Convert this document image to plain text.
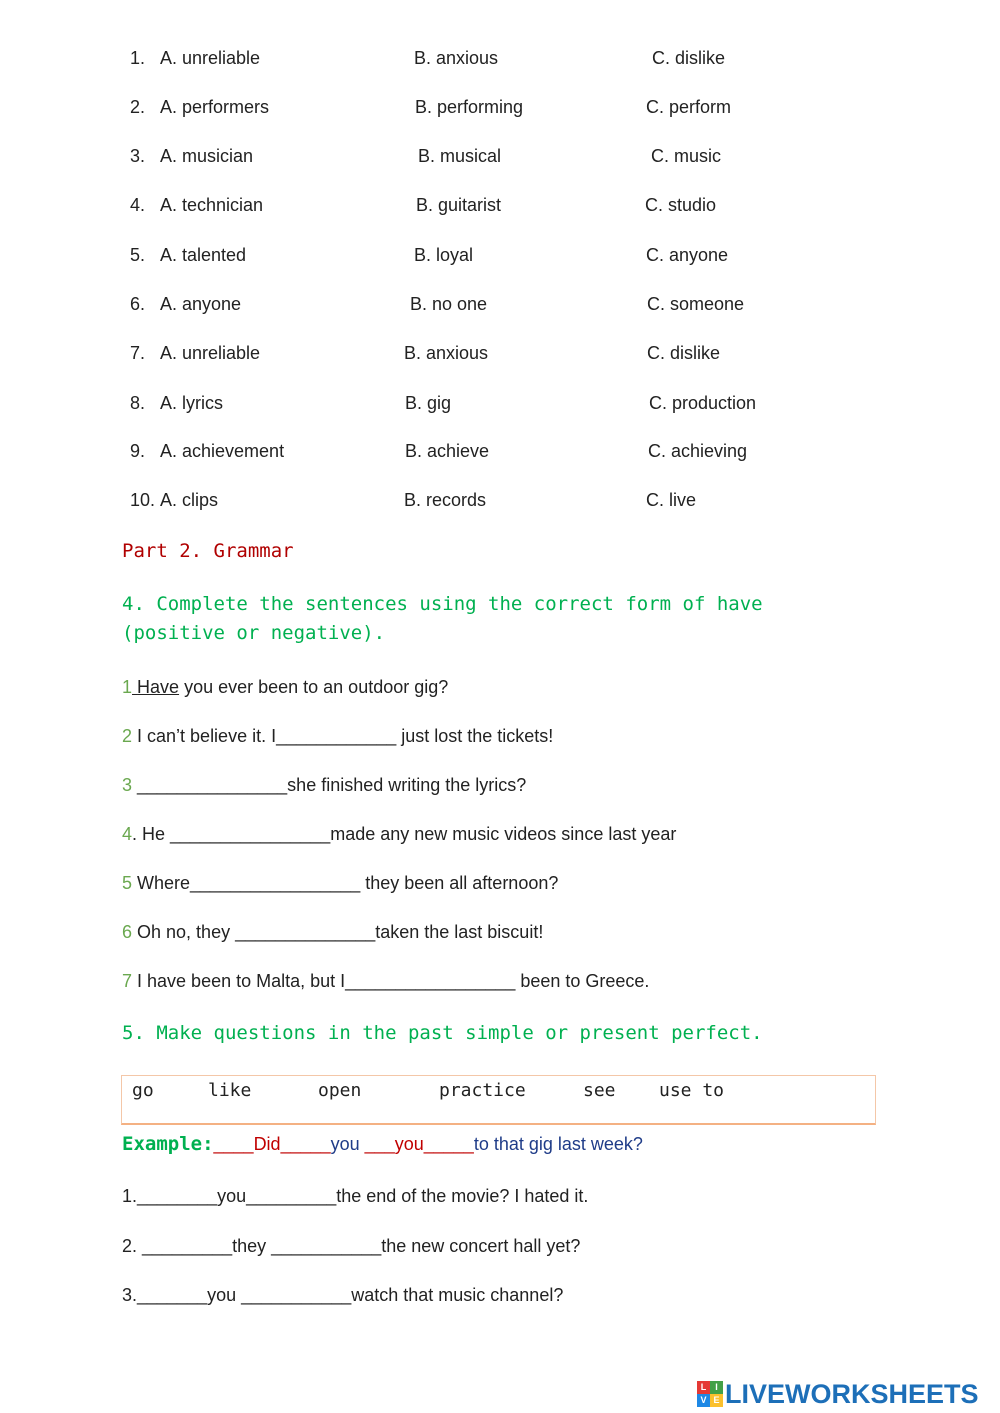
1. A. unreliable	B. anxious	C. dislike
2. A. performers	B. performing	C. perform
3. A. musician	B. musical	C. music
4. A. technician	B. guitarist	C. studio
5. A. talented	B. loyal	C. anyone
6. A. anyone	B. no one	C. someone
7. A. unreliable	B. anxious	C. dislike
8. A. lyrics	B. gig	C. production
9. A. achievement	B. achieve	C. achieving
10. A. clips	B. records	C. live
Part 2. Grammar
4. Complete the sentences using the correct form of have (positive or negative).
1 Have you ever been to an outdoor gig?
2 I can’t believe it. I____________ just lost the tickets!
3 _______________she finished writing the lyrics?
4. He ________________made any new music videos since last year
5 Where_________________ they been all afternoon?
6 Oh no, they ______________taken the last biscuit!
7 I have been to Malta, but I_________________ been to Greece.
5. Make questions in the past simple or present perfect.
go	like	open	practice	see use to
Example:____Did_____you ___you_____to that gig last week?
1.________you_________the end of the movie? I hated it.
2. _________they ___________the new concert hall yet?
3._______you ___________watch that music channel?
L I
V E LIVEWORKSHEETS
